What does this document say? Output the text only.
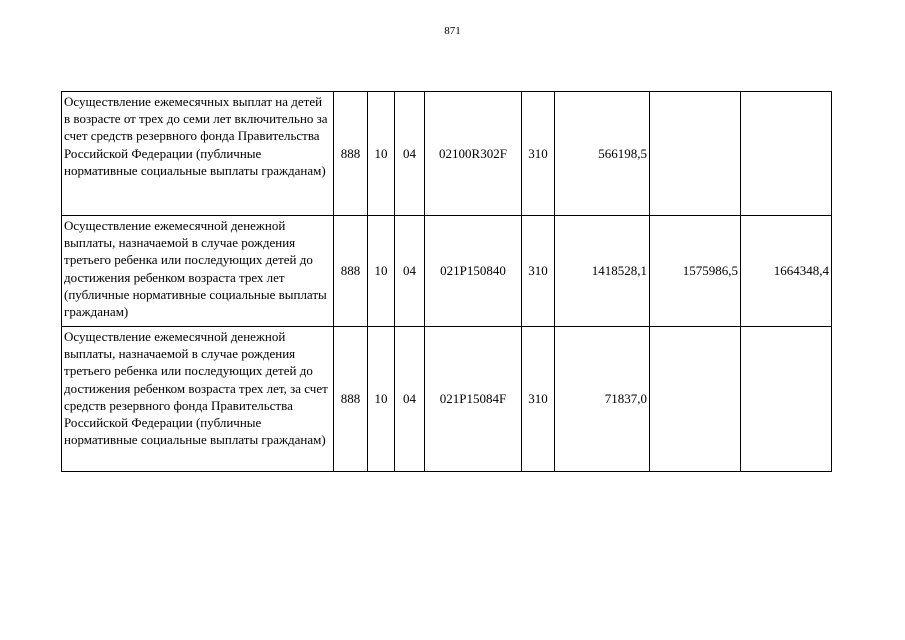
871
Осуществление ежемесячных выплат на детей в возрасте от трех до семи лет включительно за счет средств резервного фонда Правительства Российской Федерации (публичные нормативные социальные выплаты гражданам)	888	10	04	02100R302F	310	566198,5		
Осуществление ежемесячной денежной выплаты, назначаемой в случае рождения третьего ребенка или последующих детей до достижения ребенком возраста трех лет (публичные нормативные социальные выплаты гражданам)	888	10	04	021P150840	310	1418528,1	1575986,5	1664348,4
Осуществление ежемесячной денежной выплаты, назначаемой в случае рождения третьего ребенка или последующих детей до достижения ребенком возраста трех лет, за счет средств резервного фонда Правительства Российской Федерации (публичные нормативные социальные выплаты гражданам)	888	10	04	021P15084F	310	71837,0		
